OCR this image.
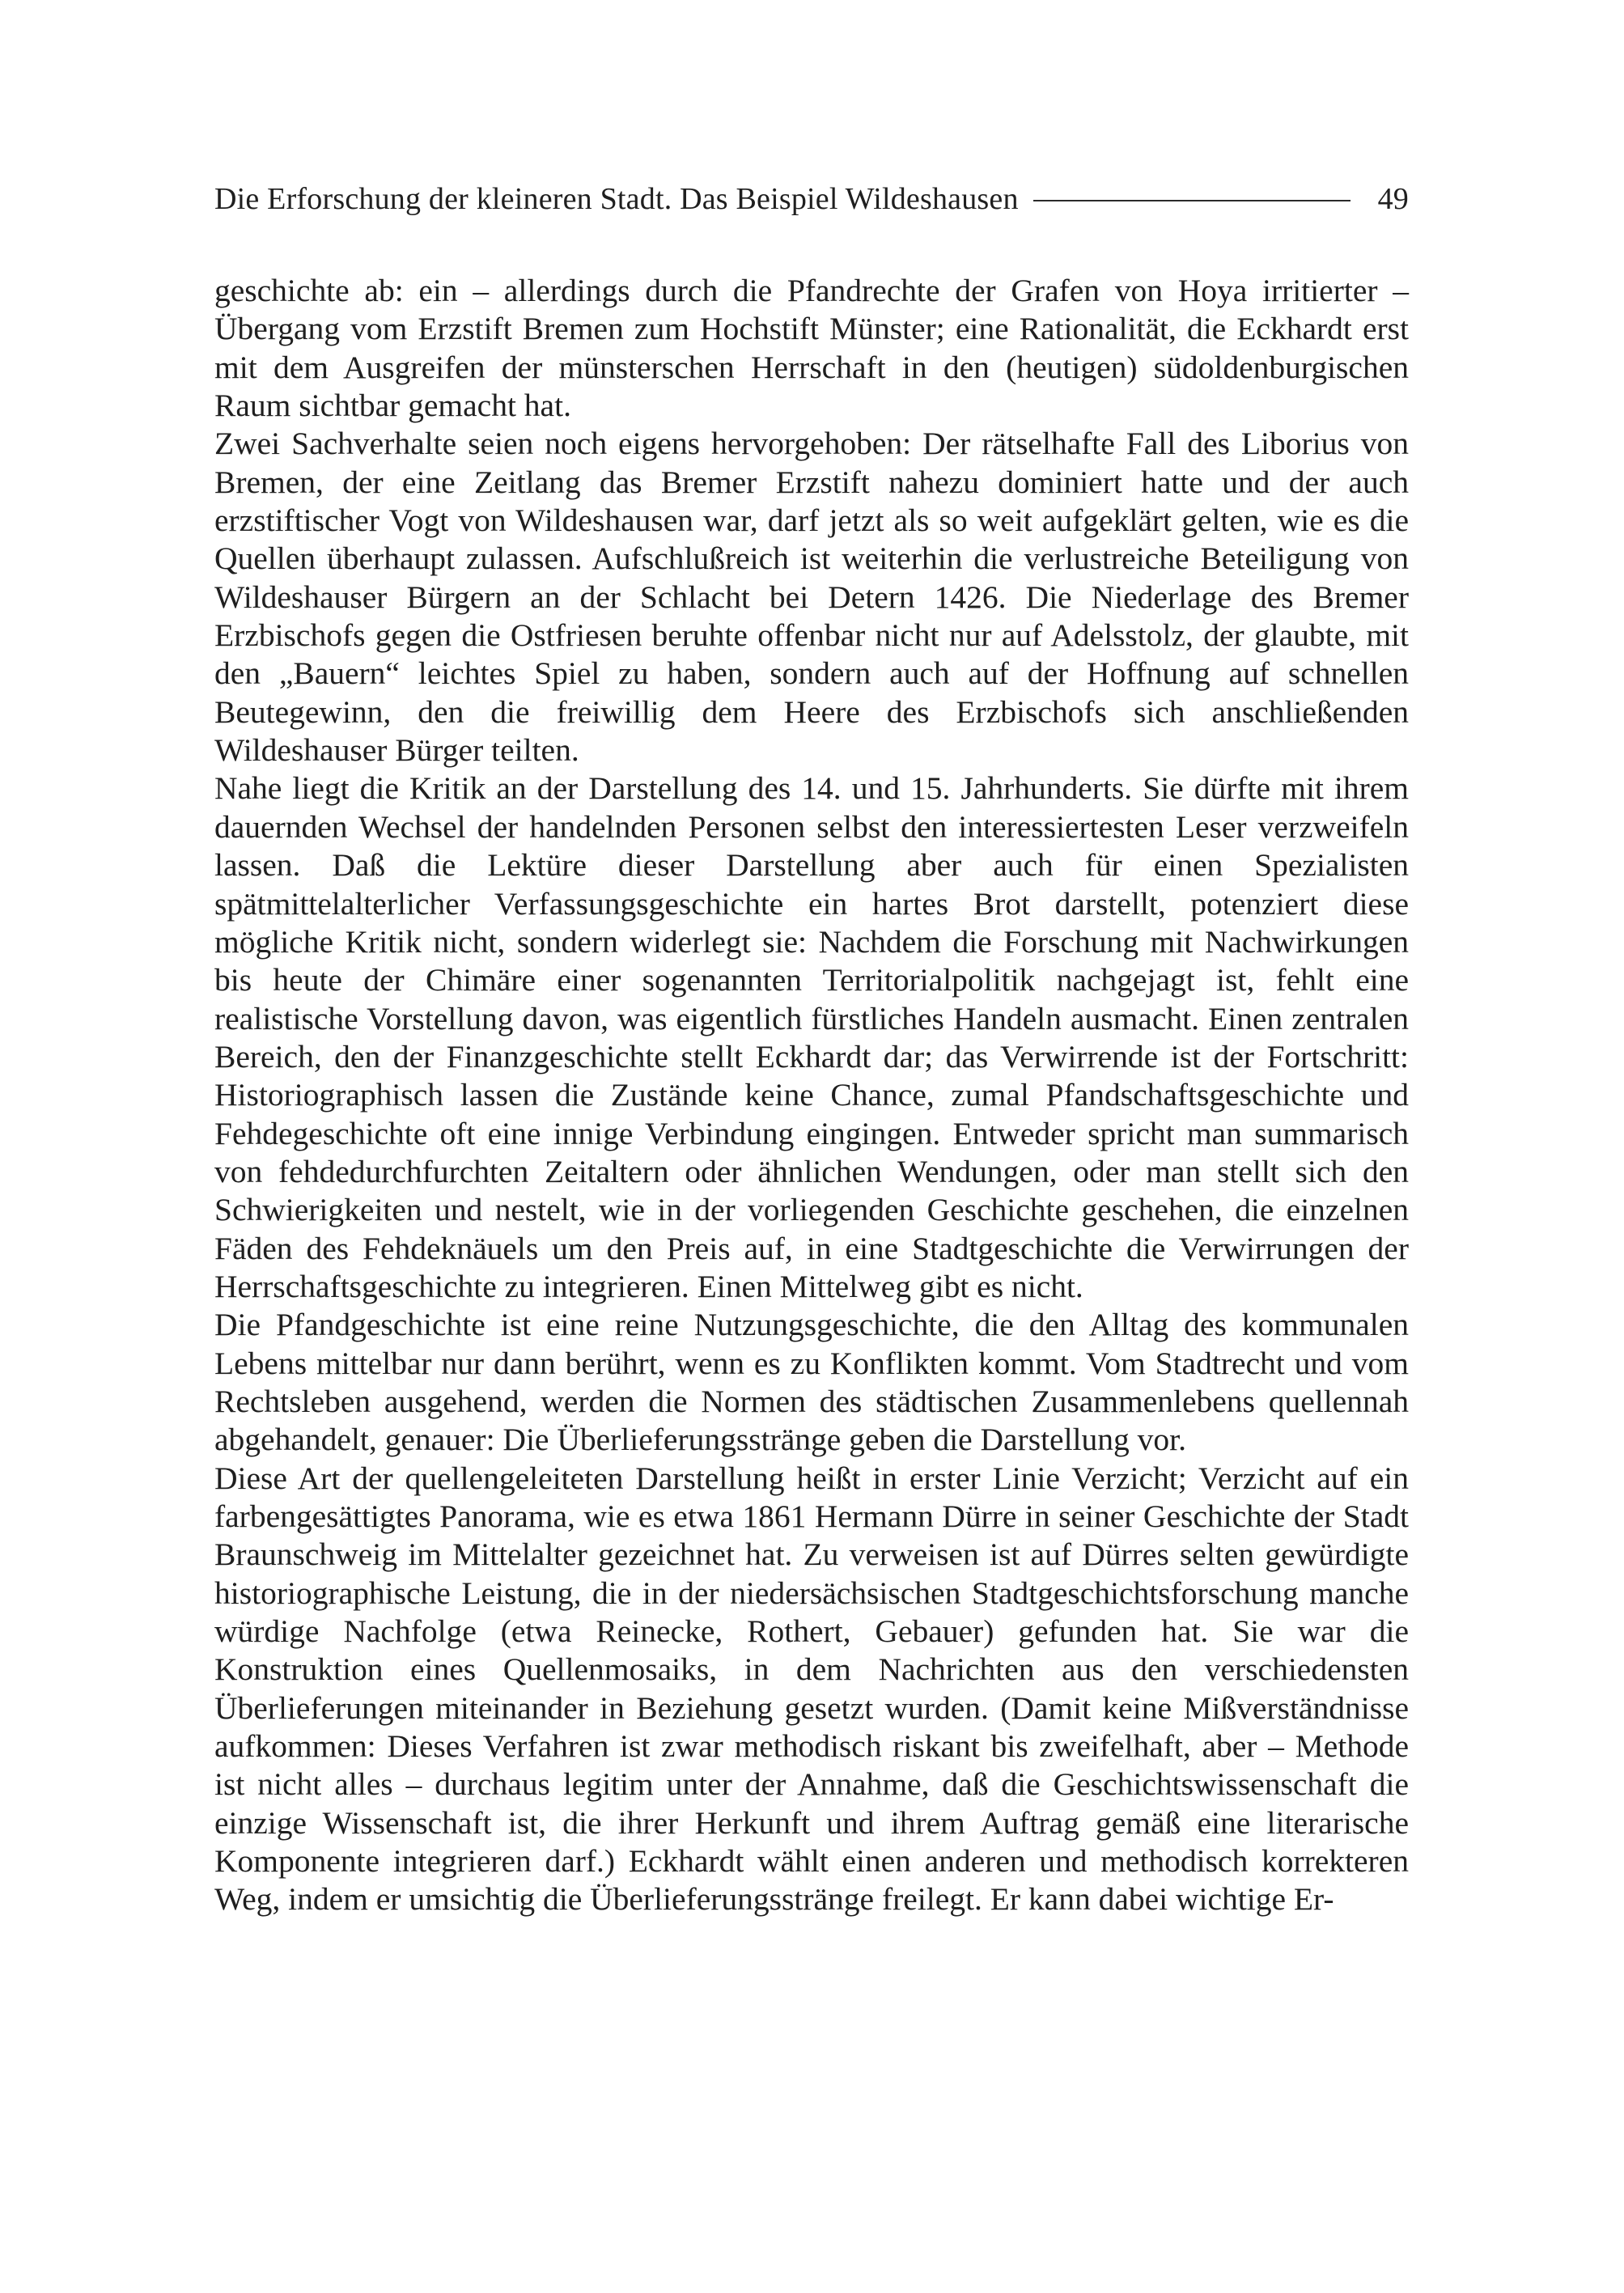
Die Erforschung der kleineren Stadt. Das Beispiel Wildeshausen	49

geschichte ab: ein – allerdings durch die Pfandrechte der Grafen von Hoya irritierter – Übergang vom Erzstift Bremen zum Hochstift Münster; eine Rationalität, die Eckhardt erst mit dem Ausgreifen der münsterschen Herrschaft in den (heutigen) südoldenburgischen Raum sichtbar gemacht hat.

Zwei Sachverhalte seien noch eigens hervorgehoben: Der rätselhafte Fall des Liborius von Bremen, der eine Zeitlang das Bremer Erzstift nahezu dominiert hatte und der auch erzstiftischer Vogt von Wildeshausen war, darf jetzt als so weit aufgeklärt gelten, wie es die Quellen überhaupt zulassen. Aufschlußreich ist weiterhin die verlustreiche Beteiligung von Wildeshauser Bürgern an der Schlacht bei Detern 1426. Die Niederlage des Bremer Erzbischofs gegen die Ostfriesen beruhte offenbar nicht nur auf Adelsstolz, der glaubte, mit den „Bauern“ leichtes Spiel zu haben, sondern auch auf der Hoffnung auf schnellen Beutegewinn, den die freiwillig dem Heere des Erzbischofs sich anschließenden Wildeshauser Bürger teilten.

Nahe liegt die Kritik an der Darstellung des 14. und 15. Jahrhunderts. Sie dürfte mit ihrem dauernden Wechsel der handelnden Personen selbst den interessiertesten Leser verzweifeln lassen. Daß die Lektüre dieser Darstellung aber auch für einen Spezialisten spätmittelalterlicher Verfassungsgeschichte ein hartes Brot darstellt, potenziert diese mögliche Kritik nicht, sondern widerlegt sie: Nachdem die Forschung mit Nachwirkungen bis heute der Chimäre einer sogenannten Territorialpolitik nachgejagt ist, fehlt eine realistische Vorstellung davon, was eigentlich fürstliches Handeln ausmacht. Einen zentralen Bereich, den der Finanzgeschichte stellt Eckhardt dar; das Verwirrende ist der Fortschritt: Historiographisch lassen die Zustände keine Chance, zumal Pfandschaftsgeschichte und Fehdegeschichte oft eine innige Verbindung eingingen. Entweder spricht man summarisch von fehdedurchfurchten Zeitaltern oder ähnlichen Wendungen, oder man stellt sich den Schwierigkeiten und nestelt, wie in der vorliegenden Geschichte geschehen, die einzelnen Fäden des Fehdeknäuels um den Preis auf, in eine Stadtgeschichte die Verwirrungen der Herrschaftsgeschichte zu integrieren. Einen Mittelweg gibt es nicht.

Die Pfandgeschichte ist eine reine Nutzungsgeschichte, die den Alltag des kommunalen Lebens mittelbar nur dann berührt, wenn es zu Konflikten kommt. Vom Stadtrecht und vom Rechtsleben ausgehend, werden die Normen des städtischen Zusammenlebens quellennah abgehandelt, genauer: Die Überlieferungsstränge geben die Darstellung vor.

Diese Art der quellengeleiteten Darstellung heißt in erster Linie Verzicht; Verzicht auf ein farbengesättigtes Panorama, wie es etwa 1861 Hermann Dürre in seiner Geschichte der Stadt Braunschweig im Mittelalter gezeichnet hat. Zu verweisen ist auf Dürres selten gewürdigte historiographische Leistung, die in der niedersächsischen Stadtgeschichtsforschung manche würdige Nachfolge (etwa Reinecke, Rothert, Gebauer) gefunden hat. Sie war die Konstruktion eines Quellenmosaiks, in dem Nachrichten aus den verschiedensten Überlieferungen miteinander in Beziehung gesetzt wurden. (Damit keine Mißverständnisse aufkommen: Dieses Verfahren ist zwar methodisch riskant bis zweifelhaft, aber – Methode ist nicht alles – durchaus legitim unter der Annahme, daß die Geschichtswissenschaft die einzige Wissenschaft ist, die ihrer Herkunft und ihrem Auftrag gemäß eine literarische Komponente integrieren darf.) Eckhardt wählt einen anderen und methodisch korrekteren Weg, indem er umsichtig die Überlieferungsstränge freilegt. Er kann dabei wichtige Er-
